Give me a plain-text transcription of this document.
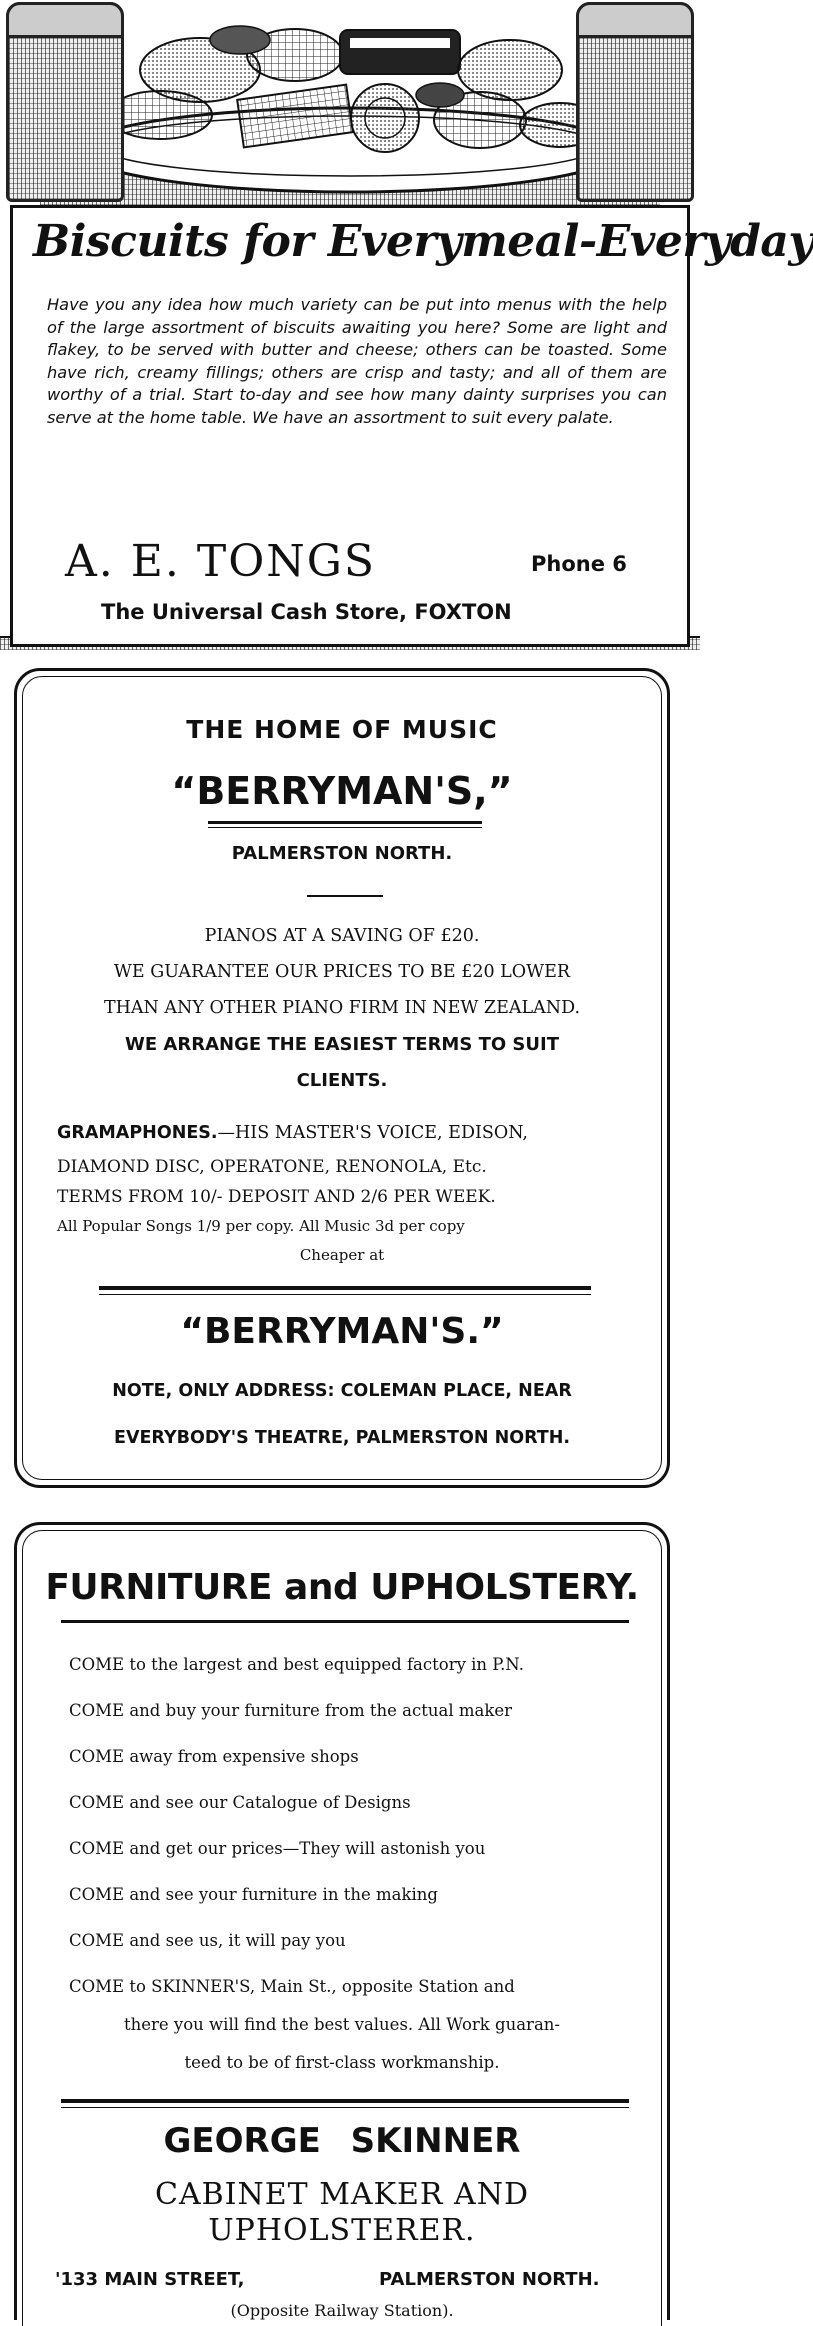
Biscuits for Everymeal-Everyday

Have you any idea how much variety can be put into menus with the help of the large assortment of biscuits awaiting you here? Some are light and flakey, to be served with butter and cheese; others can be toasted. Some have rich, creamy fillings; others are crisp and tasty; and all of them are worthy of a trial. Start to-day and see how many dainty surprises you can serve at the home table. We have an assortment to suit every palate.

A. E. TONGS	Phone 6
The Universal Cash Store, FOXTON
THE HOME OF MUSIC
“BERRYMAN'S,”
PALMERSTON NORTH.
PIANOS AT A SAVING OF £20.
WE GUARANTEE OUR PRICES TO BE £20 LOWER
THAN ANY OTHER PIANO FIRM IN NEW ZEALAND.
WE ARRANGE THE EASIEST TERMS TO SUIT
CLIENTS.
GRAMAPHONES.—HIS MASTER'S VOICE, EDISON,
DIAMOND DISC, OPERATONE, RENONOLA, Etc.
TERMS FROM 10/- DEPOSIT AND 2/6 PER WEEK.
All Popular Songs 1/9 per copy. All Music 3d per copy
Cheaper at
“BERRYMAN'S.”
NOTE, ONLY ADDRESS: COLEMAN PLACE, NEAR
EVERYBODY'S THEATRE, PALMERSTON NORTH.
FURNITURE and UPHOLSTERY.
COME to the largest and best equipped factory in P.N.
COME and buy your furniture from the actual maker
COME away from expensive shops
COME and see our Catalogue of Designs
COME and get our prices—They will astonish you
COME and see your furniture in the making
COME and see us, it will pay you
COME to SKINNER'S, Main St., opposite Station and
there you will find the best values. All Work guaran-
teed to be of first-class workmanship.
GEORGE SKINNER
CABINET MAKER AND
UPHOLSTERER.
'133 MAIN STREET,	PALMERSTON NORTH.
(Opposite Railway Station).
